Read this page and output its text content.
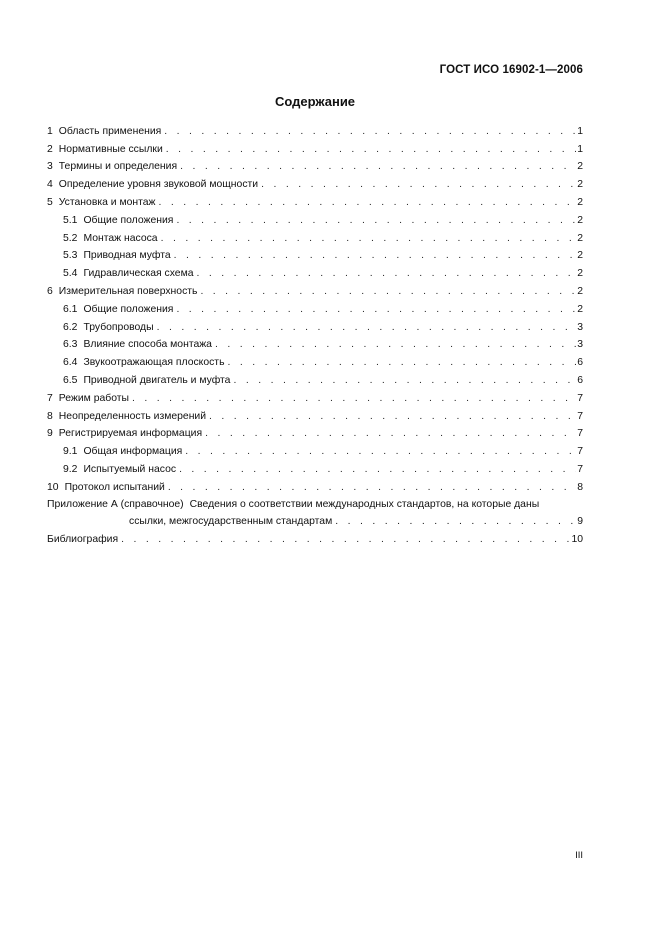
ГОСТ ИСО 16902-1—2006
Содержание
1 Область применения . . .	1
2 Нормативные ссылки . . .	1
3 Термины и определения . . .	2
4 Определение уровня звуковой мощности . . .	2
5 Установка и монтаж . . .	2
5.1 Общие положения . . .	2
5.2 Монтаж насоса . . .	2
5.3 Приводная муфта . . .	2
5.4 Гидравлическая схема . . .	2
6 Измерительная поверхность . . .	2
6.1 Общие положения . . .	2
6.2 Трубопроводы . . .	3
6.3 Влияние способа монтажа . . .	3
6.4 Звукоотражающая плоскость . . .	6
6.5 Приводной двигатель и муфта . . .	6
7 Режим работы . . .	7
8 Неопределенность измерений . . .	7
9 Регистрируемая информация . . .	7
9.1 Общая информация . . .	7
9.2 Испытуемый насос . . .	7
10 Протокол испытаний . . .	8
Приложение А (справочное) Сведения о соответствии международных стандартов, на которые даны
ссылки, межгосударственным стандартам . . .	9
Библиография . . .	10
III
